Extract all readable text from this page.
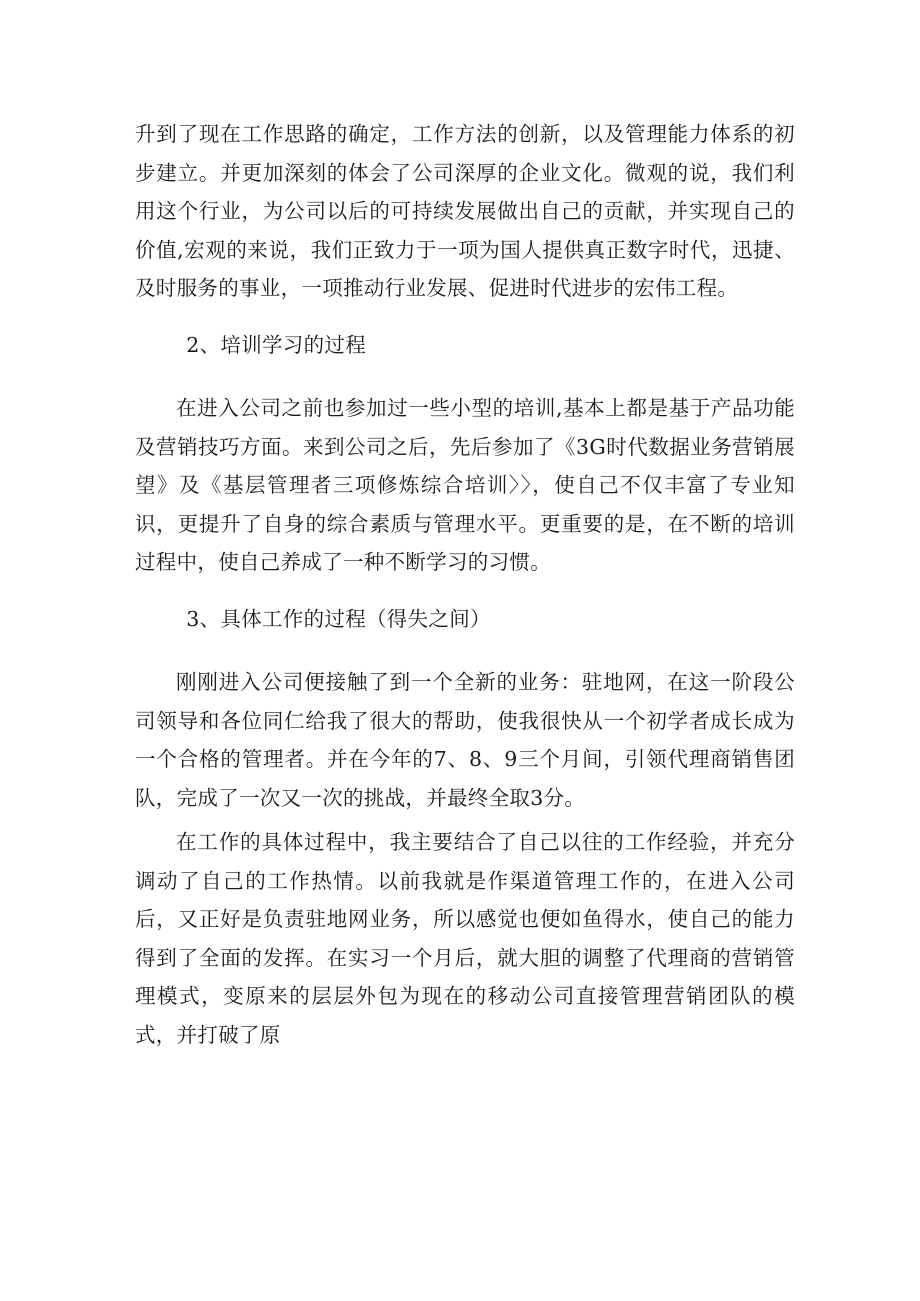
升到了现在工作思路的确定，工作方法的创新，以及管理能力体系的初步建立。并更加深刻的体会了公司深厚的企业文化。微观的说，我们利用这个行业，为公司以后的可持续发展做出自己的贡献，并实现自己的价值,宏观的来说，我们正致力于一项为国人提供真正数字时代，迅捷、及时服务的事业，一项推动行业发展、促进时代进步的宏伟工程。

2、培训学习的过程

在进入公司之前也参加过一些小型的培训,基本上都是基于产品功能及营销技巧方面。来到公司之后，先后参加了《3G时代数据业务营销展望》及《基层管理者三项修炼综合培训〉〉，使自己不仅丰富了专业知识，更提升了自身的综合素质与管理水平。更重要的是，在不断的培训过程中，使自己养成了一种不断学习的习惯。

3、具体工作的过程（得失之间）

刚刚进入公司便接触了到一个全新的业务：驻地网，在这一阶段公司领导和各位同仁给我了很大的帮助，使我很快从一个初学者成长成为一个合格的管理者。并在今年的7、8、9三个月间，引领代理商销售团队，完成了一次又一次的挑战，并最终全取3分。

在工作的具体过程中，我主要结合了自己以往的工作经验，并充分调动了自己的工作热情。以前我就是作渠道管理工作的，在进入公司后，又正好是负责驻地网业务，所以感觉也便如鱼得水，使自己的能力得到了全面的发挥。在实习一个月后，就大胆的调整了代理商的营销管理模式，变原来的层层外包为现在的移动公司直接管理营销团队的模式，并打破了原
